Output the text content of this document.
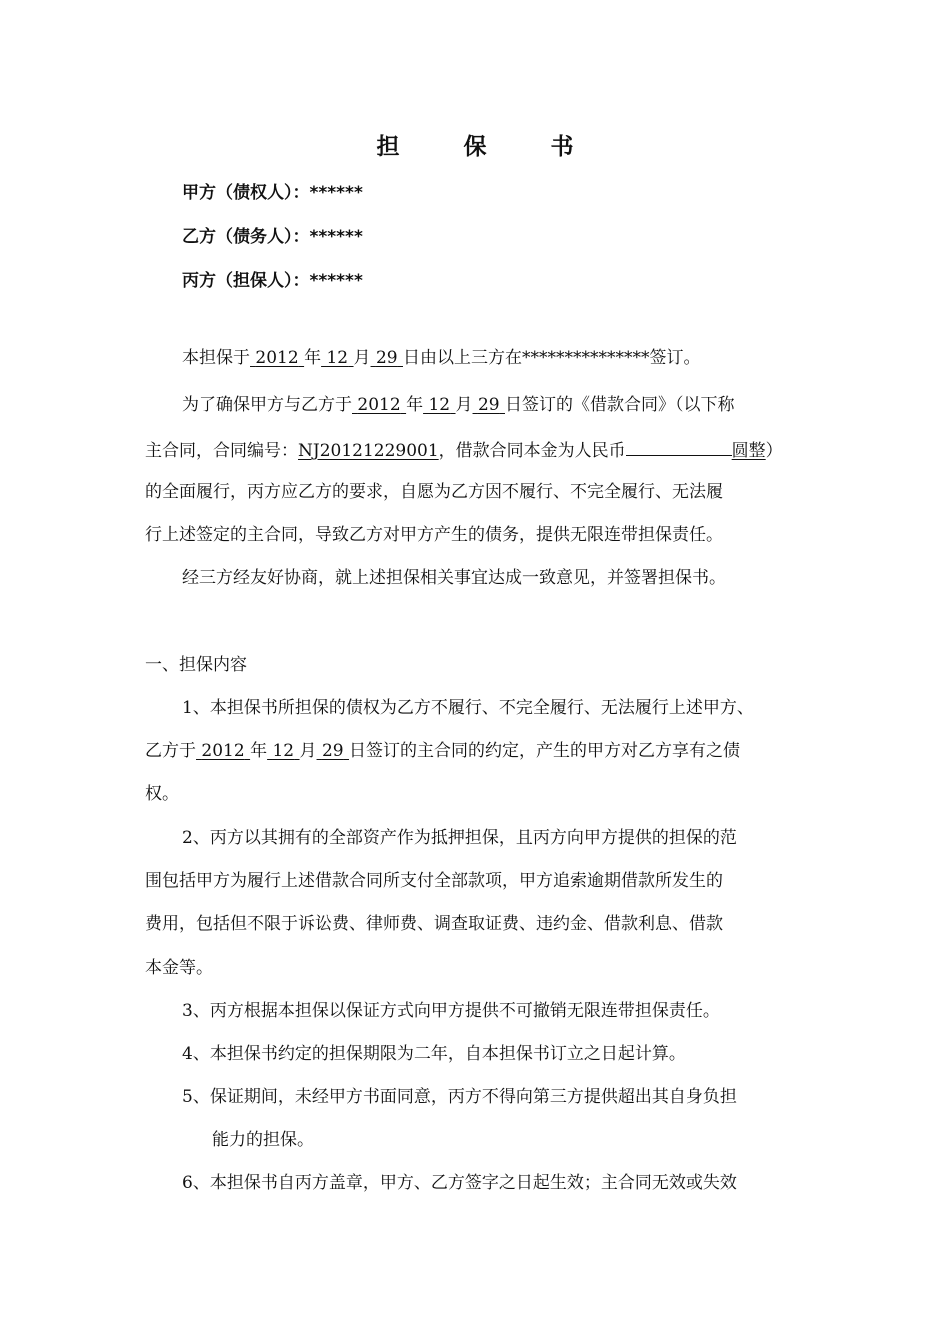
担 保 书
甲方（债权人）：******
乙方（债务人）：******
丙方（担保人）：******
本担保于 2012 年 12 月 29 日由以上三方在***************签订。
为了确保甲方与乙方于 2012 年 12 月 29 日签订的《借款合同》（以下称
主合同，合同编号：NJ20121229001，借款合同本金为人民币	圆整）
的全面履行，丙方应乙方的要求，自愿为乙方因不履行、不完全履行、无法履
行上述签定的主合同，导致乙方对甲方产生的债务，提供无限连带担保责任。
经三方经友好协商，就上述担保相关事宜达成一致意见，并签署担保书。
一、担保内容
1、本担保书所担保的债权为乙方不履行、不完全履行、无法履行上述甲方、
乙方于 2012 年 12 月 29 日签订的主合同的约定，产生的甲方对乙方享有之债
权。
2、丙方以其拥有的全部资产作为抵押担保，且丙方向甲方提供的担保的范
围包括甲方为履行上述借款合同所支付全部款项，甲方追索逾期借款所发生的
费用，包括但不限于诉讼费、律师费、调查取证费、违约金、借款利息、借款
本金等。
3、丙方根据本担保以保证方式向甲方提供不可撤销无限连带担保责任。
4、本担保书约定的担保期限为二年，自本担保书订立之日起计算。
5、保证期间，未经甲方书面同意，丙方不得向第三方提供超出其自身负担
能力的担保。
6、本担保书自丙方盖章，甲方、乙方签字之日起生效；主合同无效或失效
